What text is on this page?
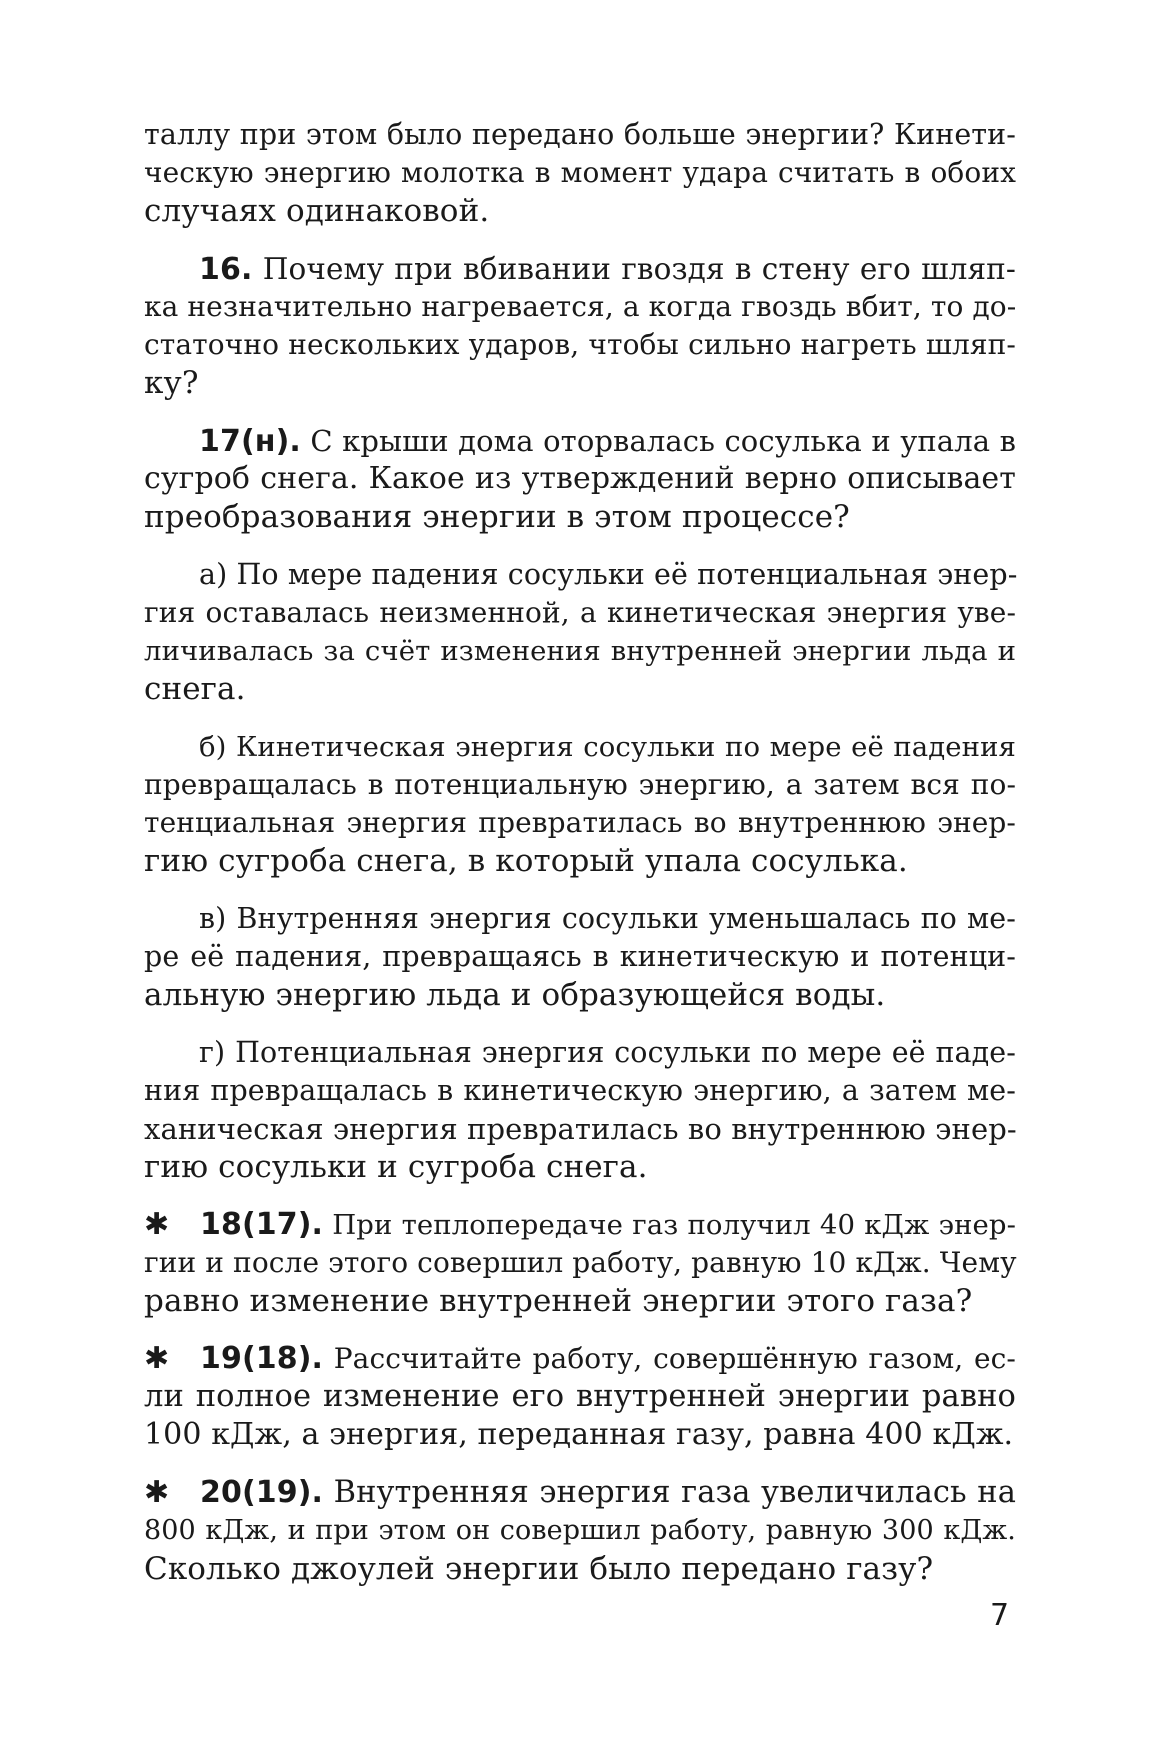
таллу при этом было передано больше энергии? Кинети-
ческую энергию молотка в момент удара считать в обоих
случаях одинаковой.
16. Почему при вбивании гвоздя в стену его шляп-
ка незначительно нагревается, а когда гвоздь вбит, то до-
статочно нескольких ударов, чтобы сильно нагреть шляп-
ку?
17(н). С крыши дома оторвалась сосулька и упала в
сугроб снега. Какое из утверждений верно описывает
преобразования энергии в этом процессе?
а) По мере падения сосульки её потенциальная энер-
гия оставалась неизменной, а кинетическая энергия уве-
личивалась за счёт изменения внутренней энергии льда и
снега.
б) Кинетическая энергия сосульки по мере её падения
превращалась в потенциальную энергию, а затем вся по-
тенциальная энергия превратилась во внутреннюю энер-
гию сугроба снега, в который упала сосулька.
в) Внутренняя энергия сосульки уменьшалась по ме-
ре её падения, превращаясь в кинетическую и потенци-
альную энергию льда и образующейся воды.
г) Потенциальная энергия сосульки по мере её паде-
ния превращалась в кинетическую энергию, а затем ме-
ханическая энергия превратилась во внутреннюю энер-
гию сосульки и сугроба снега.
✱ 18(17). При теплопередаче газ получил 40 кДж энер-
гии и после этого совершил работу, равную 10 кДж. Чему
равно изменение внутренней энергии этого газа?
✱ 19(18). Рассчитайте работу, совершённую газом, ес-
ли полное изменение его внутренней энергии равно
100 кДж, а энергия, переданная газу, равна 400 кДж.
✱ 20(19). Внутренняя энергия газа увеличилась на
800 кДж, и при этом он совершил работу, равную 300 кДж.
Сколько джоулей энергии было передано газу?
7
